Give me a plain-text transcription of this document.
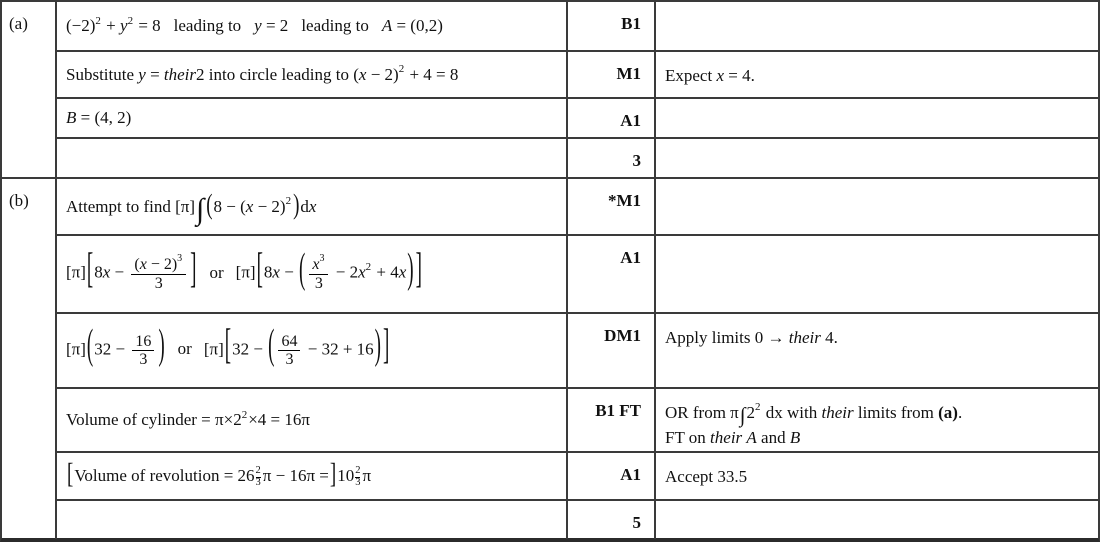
(a)	$(-2)^2 + y^2 = 8$ leading to y = 2 leading to A = (0,2)	B1
Substitute y = their2 into circle leading to $(x - 2)^2 + 4 = 8$	M1	Expect x = 4.
B = (4, 2)	A1
3
(b)	Attempt to find [π]∫ ($8 - (x - 2)^2$ )dx	*M1
$[\pi][8x - \frac{(x - 2)^3}{3}$ ] or [π][8x − ( $\frac{x^3}{3} - 2x^2 + 4x$) ]	A1
$[\pi](32 - \frac{16}{3}$ ) or [π][32 − ( $\frac{64}{3} - 32 + 16$) ]	DM1	Apply limits 0 → their 4.
Volume of cylinder = $\pi\times 2^2\times 4 = 16\pi$	B1 FT	OR from $\pi\int 2^2$ dx with their limits from (a).
FT on their A and B
[Volume of revolution = $26 \frac{2}{3}$ $\pi - 16\pi =]10 \frac{2}{3}$ π	A1	Accept 33.5
5
